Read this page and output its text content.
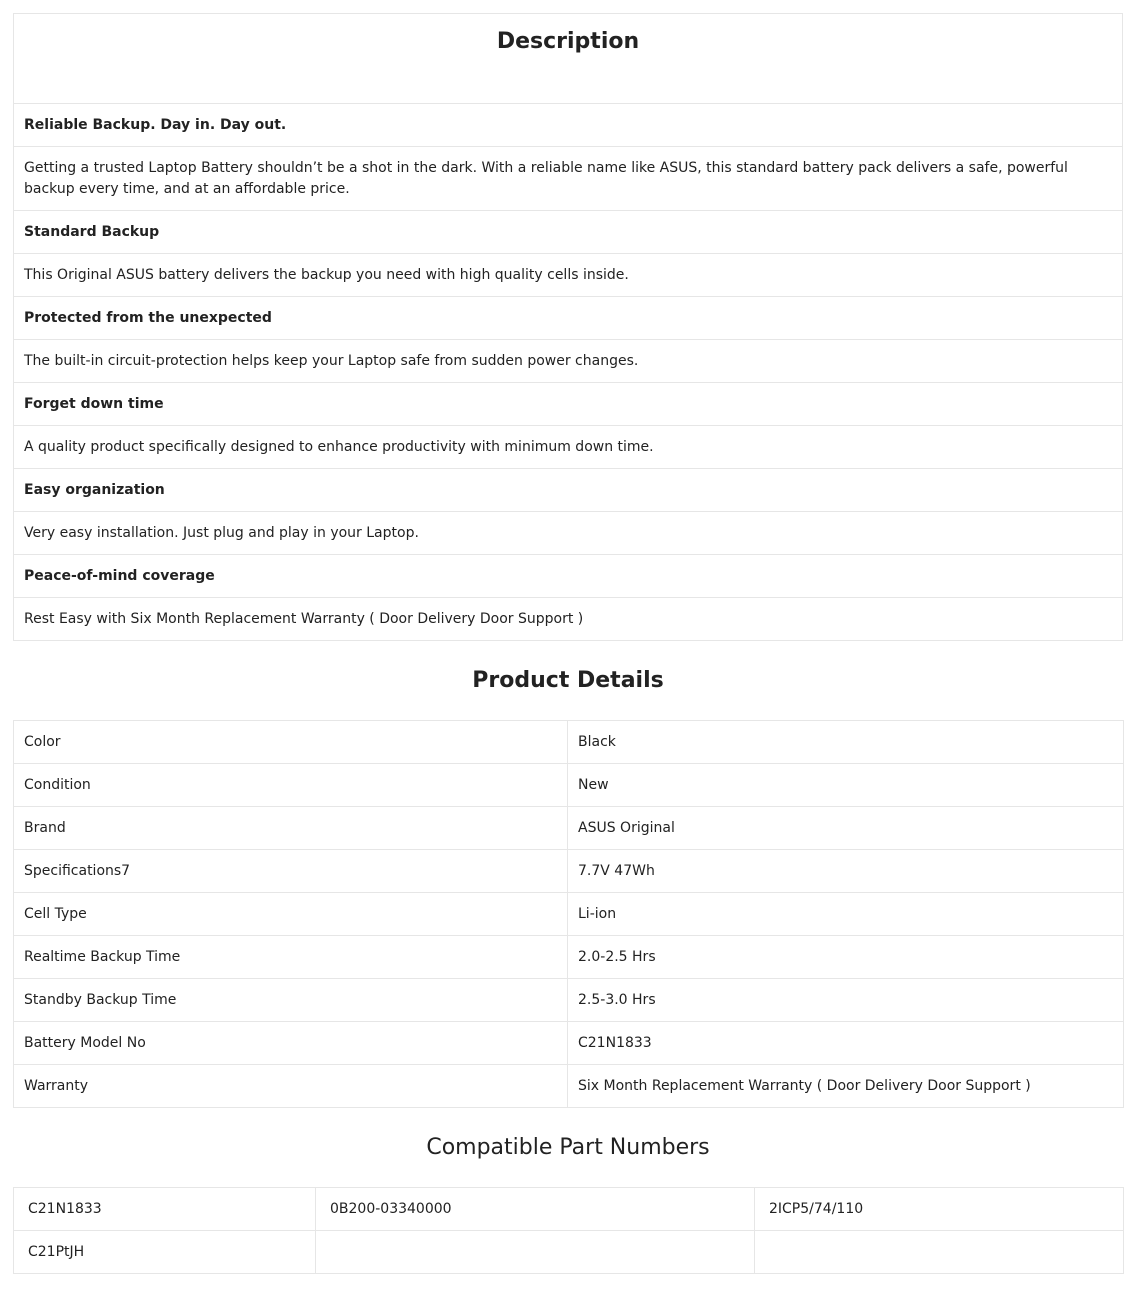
Description

Reliable Backup. Day in. Day out.
Getting a trusted Laptop Battery shouldn’t be a shot in the dark. With a reliable name like ASUS, this standard battery pack delivers a safe, powerful backup every time, and at an affordable price.
Standard Backup
This Original ASUS battery delivers the backup you need with high quality cells inside.
Protected from the unexpected
The built-in circuit-protection helps keep your Laptop safe from sudden power changes.
Forget down time
A quality product specifically designed to enhance productivity with minimum down time.
Easy organization
Very easy installation. Just plug and play in your Laptop.
Peace-of-mind coverage
Rest Easy with Six Month Replacement Warranty ( Door Delivery Door Support )
Product Details
Color	Black
Condition	New
Brand	ASUS Original
Specifications7	7.7V 47Wh
Cell Type	Li-ion
Realtime Backup Time	2.0-2.5 Hrs
Standby Backup Time	2.5-3.0 Hrs
Battery Model No	C21N1833
Warranty	Six Month Replacement Warranty ( Door Delivery Door Support )
Compatible Part Numbers
C21N1833	0B200-03340000	2ICP5/74/110
C21PtJH		
